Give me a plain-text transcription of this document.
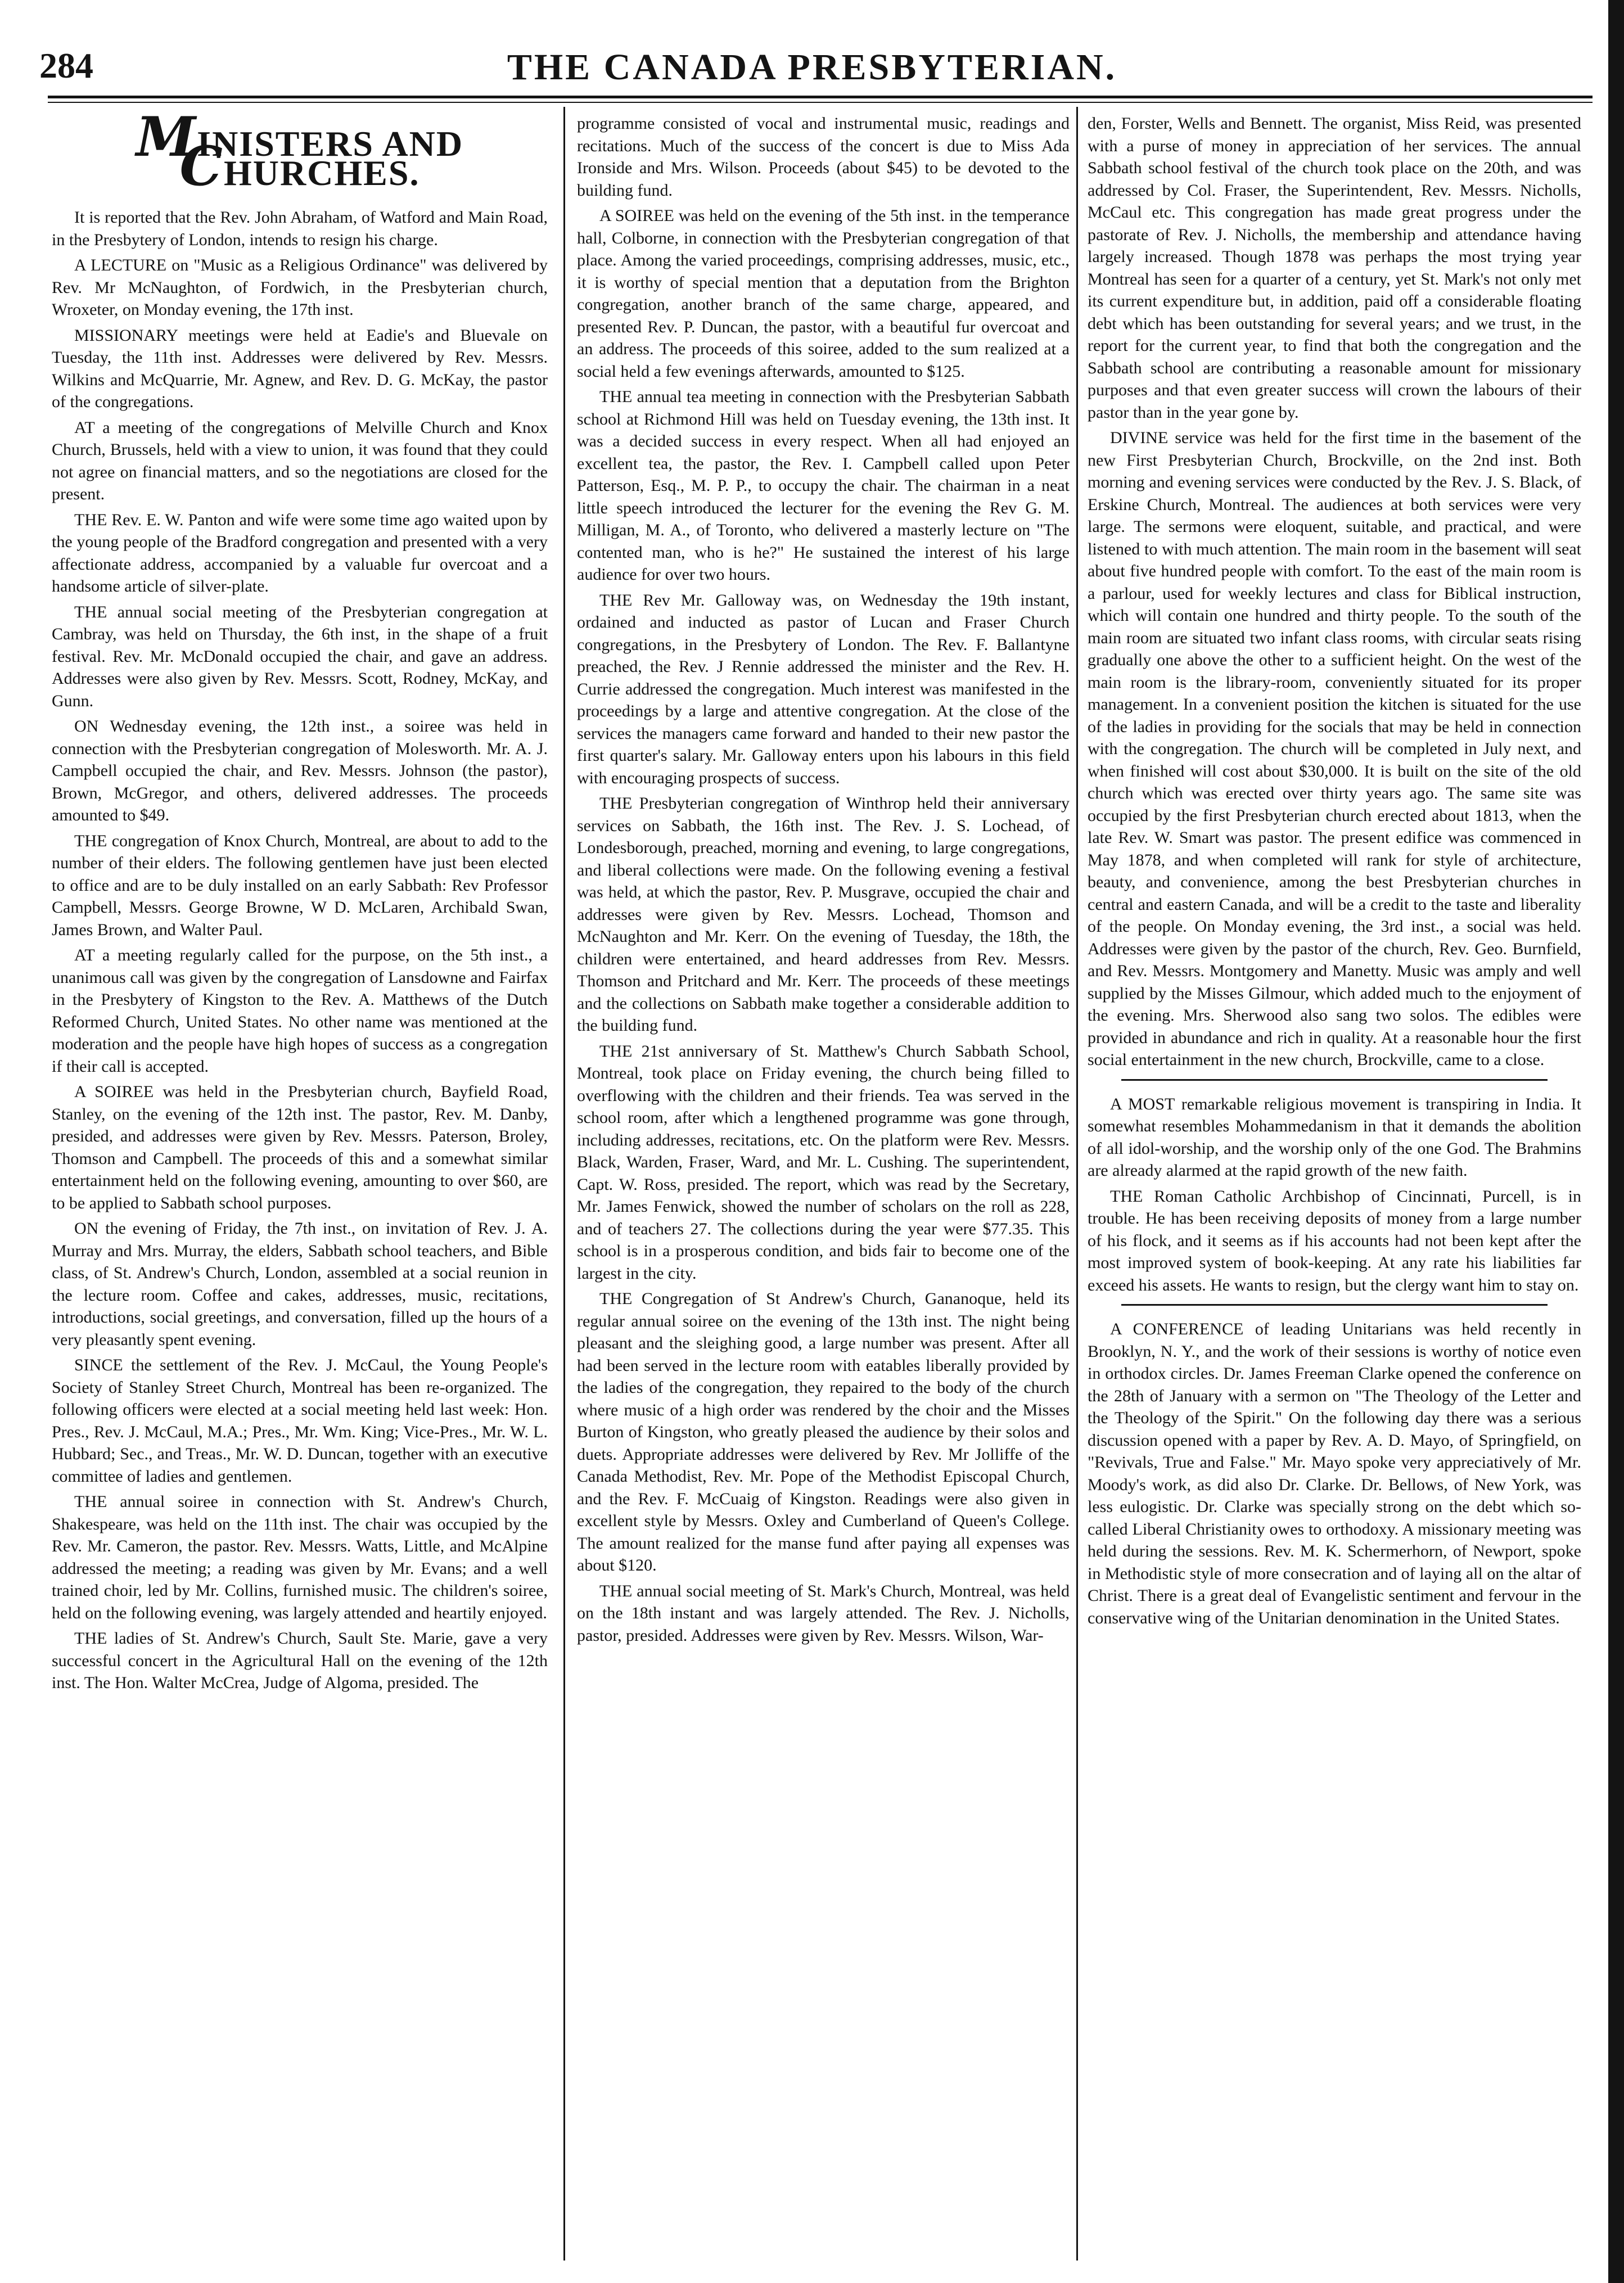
284	THE CANADA PRESBYTERIAN.
MINISTERS AND CHURCHES.

It is reported that the Rev. John Abraham, of Watford and Main Road, in the Presbytery of London, intends to resign his charge.

A LECTURE on "Music as a Religious Ordinance" was delivered by Rev. Mr McNaughton, of Fordwich, in the Presbyterian church, Wroxeter, on Monday evening, the 17th inst.

MISSIONARY meetings were held at Eadie's and Bluevale on Tuesday, the 11th inst. Addresses were delivered by Rev. Messrs. Wilkins and McQuarrie, Mr. Agnew, and Rev. D. G. McKay, the pastor of the congregations.

AT a meeting of the congregations of Melville Church and Knox Church, Brussels, held with a view to union, it was found that they could not agree on financial matters, and so the negotiations are closed for the present.

THE Rev. E. W. Panton and wife were some time ago waited upon by the young people of the Bradford congregation and presented with a very affectionate address, accompanied by a valuable fur overcoat and a handsome article of silver-plate.

THE annual social meeting of the Presbyterian congregation at Cambray, was held on Thursday, the 6th inst, in the shape of a fruit festival. Rev. Mr. McDonald occupied the chair, and gave an address. Addresses were also given by Rev. Messrs. Scott, Rodney, McKay, and Gunn.

ON Wednesday evening, the 12th inst., a soiree was held in connection with the Presbyterian congregation of Molesworth. Mr. A. J. Campbell occupied the chair, and Rev. Messrs. Johnson (the pastor), Brown, McGregor, and others, delivered addresses. The proceeds amounted to $49.

THE congregation of Knox Church, Montreal, are about to add to the number of their elders. The following gentlemen have just been elected to office and are to be duly installed on an early Sabbath: Rev Professor Campbell, Messrs. George Browne, W D. McLaren, Archibald Swan, James Brown, and Walter Paul.

AT a meeting regularly called for the purpose, on the 5th inst., a unanimous call was given by the congregation of Lansdowne and Fairfax in the Presbytery of Kingston to the Rev. A. Matthews of the Dutch Reformed Church, United States. No other name was mentioned at the moderation and the people have high hopes of success as a congregation if their call is accepted.

A SOIREE was held in the Presbyterian church, Bayfield Road, Stanley, on the evening of the 12th inst. The pastor, Rev. M. Danby, presided, and addresses were given by Rev. Messrs. Paterson, Broley, Thomson and Campbell. The proceeds of this and a somewhat similar entertainment held on the following evening, amounting to over $60, are to be applied to Sabbath school purposes.

ON the evening of Friday, the 7th inst., on invitation of Rev. J. A. Murray and Mrs. Murray, the elders, Sabbath school teachers, and Bible class, of St. Andrew's Church, London, assembled at a social reunion in the lecture room. Coffee and cakes, addresses, music, recitations, introductions, social greetings, and conversation, filled up the hours of a very pleasantly spent evening.

SINCE the settlement of the Rev. J. McCaul, the Young People's Society of Stanley Street Church, Montreal has been re-organized. The following officers were elected at a social meeting held last week: Hon. Pres., Rev. J. McCaul, M.A.; Pres., Mr. Wm. King; Vice-Pres., Mr. W. L. Hubbard; Sec., and Treas., Mr. W. D. Duncan, together with an executive committee of ladies and gentlemen.

THE annual soiree in connection with St. Andrew's Church, Shakespeare, was held on the 11th inst. The chair was occupied by the Rev. Mr. Cameron, the pastor. Rev. Messrs. Watts, Little, and McAlpine addressed the meeting; a reading was given by Mr. Evans; and a well trained choir, led by Mr. Collins, furnished music. The children's soiree, held on the following evening, was largely attended and heartily enjoyed.

THE ladies of St. Andrew's Church, Sault Ste. Marie, gave a very successful concert in the Agricultural Hall on the evening of the 12th inst. The Hon. Walter McCrea, Judge of Algoma, presided. The

programme consisted of vocal and instrumental music, readings and recitations. Much of the success of the concert is due to Miss Ada Ironside and Mrs. Wilson. Proceeds (about $45) to be devoted to the building fund.

A SOIREE was held on the evening of the 5th inst. in the temperance hall, Colborne, in connection with the Presbyterian congregation of that place. Among the varied proceedings, comprising addresses, music, etc., it is worthy of special mention that a deputation from the Brighton congregation, another branch of the same charge, appeared, and presented Rev. P. Duncan, the pastor, with a beautiful fur overcoat and an address. The proceeds of this soiree, added to the sum realized at a social held a few evenings afterwards, amounted to $125.

THE annual tea meeting in connection with the Presbyterian Sabbath school at Richmond Hill was held on Tuesday evening, the 13th inst. It was a decided success in every respect. When all had enjoyed an excellent tea, the pastor, the Rev. I. Campbell called upon Peter Patterson, Esq., M. P. P., to occupy the chair. The chairman in a neat little speech introduced the lecturer for the evening the Rev G. M. Milligan, M. A., of Toronto, who delivered a masterly lecture on "The contented man, who is he?" He sustained the interest of his large audience for over two hours.

THE Rev Mr. Galloway was, on Wednesday the 19th instant, ordained and inducted as pastor of Lucan and Fraser Church congregations, in the Presbytery of London. The Rev. F. Ballantyne preached, the Rev. J Rennie addressed the minister and the Rev. H. Currie addressed the congregation. Much interest was manifested in the proceedings by a large and attentive congregation. At the close of the services the managers came forward and handed to their new pastor the first quarter's salary. Mr. Galloway enters upon his labours in this field with encouraging prospects of success.

THE Presbyterian congregation of Winthrop held their anniversary services on Sabbath, the 16th inst. The Rev. J. S. Lochead, of Londesborough, preached, morning and evening, to large congregations, and liberal collections were made. On the following evening a festival was held, at which the pastor, Rev. P. Musgrave, occupied the chair and addresses were given by Rev. Messrs. Lochead, Thomson and McNaughton and Mr. Kerr. On the evening of Tuesday, the 18th, the children were entertained, and heard addresses from Rev. Messrs. Thomson and Pritchard and Mr. Kerr. The proceeds of these meetings and the collections on Sabbath make together a considerable addition to the building fund.

THE 21st anniversary of St. Matthew's Church Sabbath School, Montreal, took place on Friday evening, the church being filled to overflowing with the children and their friends. Tea was served in the school room, after which a lengthened programme was gone through, including addresses, recitations, etc. On the platform were Rev. Messrs. Black, Warden, Fraser, Ward, and Mr. L. Cushing. The superintendent, Capt. W. Ross, presided. The report, which was read by the Secretary, Mr. James Fenwick, showed the number of scholars on the roll as 228, and of teachers 27. The collections during the year were $77.35. This school is in a prosperous condition, and bids fair to become one of the largest in the city.

THE Congregation of St Andrew's Church, Gananoque, held its regular annual soiree on the evening of the 13th inst. The night being pleasant and the sleighing good, a large number was present. After all had been served in the lecture room with eatables liberally provided by the ladies of the congregation, they repaired to the body of the church where music of a high order was rendered by the choir and the Misses Burton of Kingston, who greatly pleased the audience by their solos and duets. Appropriate addresses were delivered by Rev. Mr Jolliffe of the Canada Methodist, Rev. Mr. Pope of the Methodist Episcopal Church, and the Rev. F. McCuaig of Kingston. Readings were also given in excellent style by Messrs. Oxley and Cumberland of Queen's College. The amount realized for the manse fund after paying all expenses was about $120.

THE annual social meeting of St. Mark's Church, Montreal, was held on the 18th instant and was largely attended. The Rev. J. Nicholls, pastor, presided. Addresses were given by Rev. Messrs. Wilson, War-

den, Forster, Wells and Bennett. The organist, Miss Reid, was presented with a purse of money in appreciation of her services. The annual Sabbath school festival of the church took place on the 20th, and was addressed by Col. Fraser, the Superintendent, Rev. Messrs. Nicholls, McCaul etc. This congregation has made great progress under the pastorate of Rev. J. Nicholls, the membership and attendance having largely increased. Though 1878 was perhaps the most trying year Montreal has seen for a quarter of a century, yet St. Mark's not only met its current expenditure but, in addition, paid off a considerable floating debt which has been outstanding for several years; and we trust, in the report for the current year, to find that both the congregation and the Sabbath school are contributing a reasonable amount for missionary purposes and that even greater success will crown the labours of their pastor than in the year gone by.

DIVINE service was held for the first time in the basement of the new First Presbyterian Church, Brockville, on the 2nd inst. Both morning and evening services were conducted by the Rev. J. S. Black, of Erskine Church, Montreal. The audiences at both services were very large. The sermons were eloquent, suitable, and practical, and were listened to with much attention. The main room in the basement will seat about five hundred people with comfort. To the east of the main room is a parlour, used for weekly lectures and class for Biblical instruction, which will contain one hundred and thirty people. To the south of the main room are situated two infant class rooms, with circular seats rising gradually one above the other to a sufficient height. On the west of the main room is the library-room, conveniently situated for its proper management. In a convenient position the kitchen is situated for the use of the ladies in providing for the socials that may be held in connection with the congregation. The church will be completed in July next, and when finished will cost about $30,000. It is built on the site of the old church which was erected over thirty years ago. The same site was occupied by the first Presbyterian church erected about 1813, when the late Rev. W. Smart was pastor. The present edifice was commenced in May 1878, and when completed will rank for style of architecture, beauty, and convenience, among the best Presbyterian churches in central and eastern Canada, and will be a credit to the taste and liberality of the people. On Monday evening, the 3rd inst., a social was held. Addresses were given by the pastor of the church, Rev. Geo. Burnfield, and Rev. Messrs. Montgomery and Manetty. Music was amply and well supplied by the Misses Gilmour, which added much to the enjoyment of the evening. Mrs. Sherwood also sang two solos. The edibles were provided in abundance and rich in quality. At a reasonable hour the first social entertainment in the new church, Brockville, came to a close.

A MOST remarkable religious movement is transpiring in India. It somewhat resembles Mohammedanism in that it demands the abolition of all idol-worship, and the worship only of the one God. The Brahmins are already alarmed at the rapid growth of the new faith.

THE Roman Catholic Archbishop of Cincinnati, Purcell, is in trouble. He has been receiving deposits of money from a large number of his flock, and it seems as if his accounts had not been kept after the most improved system of book-keeping. At any rate his liabilities far exceed his assets. He wants to resign, but the clergy want him to stay on.

A CONFERENCE of leading Unitarians was held recently in Brooklyn, N. Y., and the work of their sessions is worthy of notice even in orthodox circles. Dr. James Freeman Clarke opened the conference on the 28th of January with a sermon on "The Theology of the Letter and the Theology of the Spirit." On the following day there was a serious discussion opened with a paper by Rev. A. D. Mayo, of Springfield, on "Revivals, True and False." Mr. Mayo spoke very appreciatively of Mr. Moody's work, as did also Dr. Clarke. Dr. Bellows, of New York, was less eulogistic. Dr. Clarke was specially strong on the debt which so-called Liberal Christianity owes to orthodoxy. A missionary meeting was held during the sessions. Rev. M. K. Schermerhorn, of Newport, spoke in Methodistic style of more consecration and of laying all on the altar of Christ. There is a great deal of Evangelistic sentiment and fervour in the conservative wing of the Unitarian denomination in the United States.
